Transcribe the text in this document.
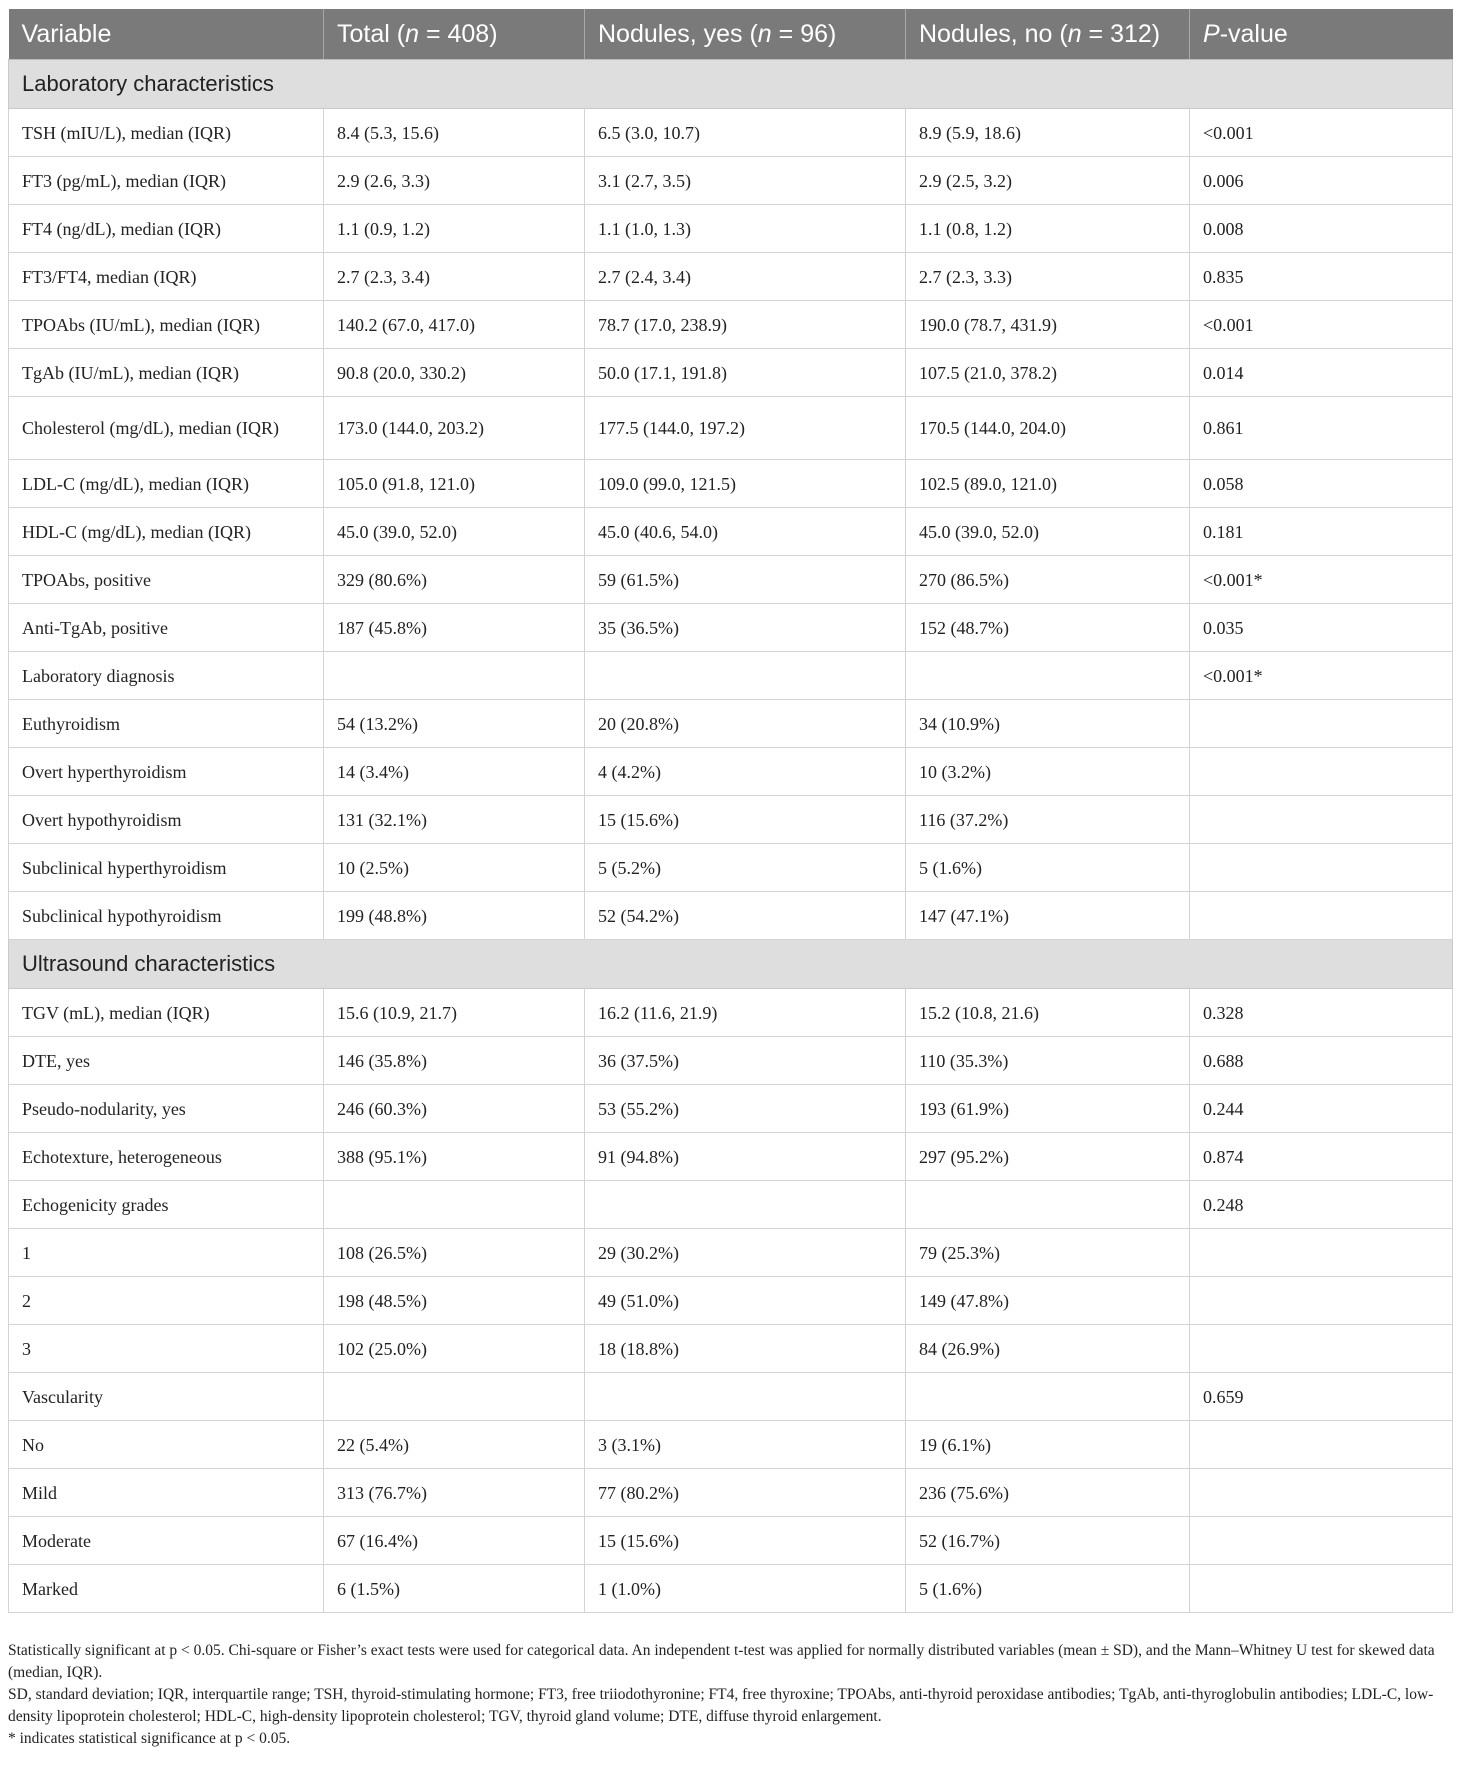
Variable	Total (n = 408)	Nodules, yes (n = 96)	Nodules, no (n = 312)	P-value
Laboratory characteristics				
TSH (mIU/L), median (IQR)	8.4 (5.3, 15.6)	6.5 (3.0, 10.7)	8.9 (5.9, 18.6)	<0.001
FT3 (pg/mL), median (IQR)	2.9 (2.6, 3.3)	3.1 (2.7, 3.5)	2.9 (2.5, 3.2)	0.006
FT4 (ng/dL), median (IQR)	1.1 (0.9, 1.2)	1.1 (1.0, 1.3)	1.1 (0.8, 1.2)	0.008
FT3/FT4, median (IQR)	2.7 (2.3, 3.4)	2.7 (2.4, 3.4)	2.7 (2.3, 3.3)	0.835
TPOAbs (IU/mL), median (IQR)	140.2 (67.0, 417.0)	78.7 (17.0, 238.9)	190.0 (78.7, 431.9)	<0.001
TgAb (IU/mL), median (IQR)	90.8 (20.0, 330.2)	50.0 (17.1, 191.8)	107.5 (21.0, 378.2)	0.014
Cholesterol (mg/dL), median (IQR)	173.0 (144.0, 203.2)	177.5 (144.0, 197.2)	170.5 (144.0, 204.0)	0.861
LDL-C (mg/dL), median (IQR)	105.0 (91.8, 121.0)	109.0 (99.0, 121.5)	102.5 (89.0, 121.0)	0.058
HDL-C (mg/dL), median (IQR)	45.0 (39.0, 52.0)	45.0 (40.6, 54.0)	45.0 (39.0, 52.0)	0.181
TPOAbs, positive	329 (80.6%)	59 (61.5%)	270 (86.5%)	<0.001*
Anti-TgAb, positive	187 (45.8%)	35 (36.5%)	152 (48.7%)	0.035
Laboratory diagnosis				<0.001*
Euthyroidism	54 (13.2%)	20 (20.8%)	34 (10.9%)	
Overt hyperthyroidism	14 (3.4%)	4 (4.2%)	10 (3.2%)	
Overt hypothyroidism	131 (32.1%)	15 (15.6%)	116 (37.2%)	
Subclinical hyperthyroidism	10 (2.5%)	5 (5.2%)	5 (1.6%)	
Subclinical hypothyroidism	199 (48.8%)	52 (54.2%)	147 (47.1%)	
Ultrasound characteristics				
TGV (mL), median (IQR)	15.6 (10.9, 21.7)	16.2 (11.6, 21.9)	15.2 (10.8, 21.6)	0.328
DTE, yes	146 (35.8%)	36 (37.5%)	110 (35.3%)	0.688
Pseudo-nodularity, yes	246 (60.3%)	53 (55.2%)	193 (61.9%)	0.244
Echotexture, heterogeneous	388 (95.1%)	91 (94.8%)	297 (95.2%)	0.874
Echogenicity grades				0.248
1	108 (26.5%)	29 (30.2%)	79 (25.3%)	
2	198 (48.5%)	49 (51.0%)	149 (47.8%)	
3	102 (25.0%)	18 (18.8%)	84 (26.9%)	
Vascularity				0.659
No	22 (5.4%)	3 (3.1%)	19 (6.1%)	
Mild	313 (76.7%)	77 (80.2%)	236 (75.6%)	
Moderate	67 (16.4%)	15 (15.6%)	52 (16.7%)	
Marked	6 (1.5%)	1 (1.0%)	5 (1.6%)	

Statistically significant at p < 0.05. Chi-square or Fisher’s exact tests were used for categorical data. An independent t-test was applied for normally distributed variables (mean ± SD), and the Mann–Whitney U test for skewed data (median, IQR).

SD, standard deviation; IQR, interquartile range; TSH, thyroid-stimulating hormone; FT3, free triiodothyronine; FT4, free thyroxine; TPOAbs, anti-thyroid peroxidase antibodies; TgAb, anti-thyroglobulin antibodies; LDL-C, low-density lipoprotein cholesterol; HDL-C, high-density lipoprotein cholesterol; TGV, thyroid gland volume; DTE, diffuse thyroid enlargement.

* indicates statistical significance at p < 0.05.
